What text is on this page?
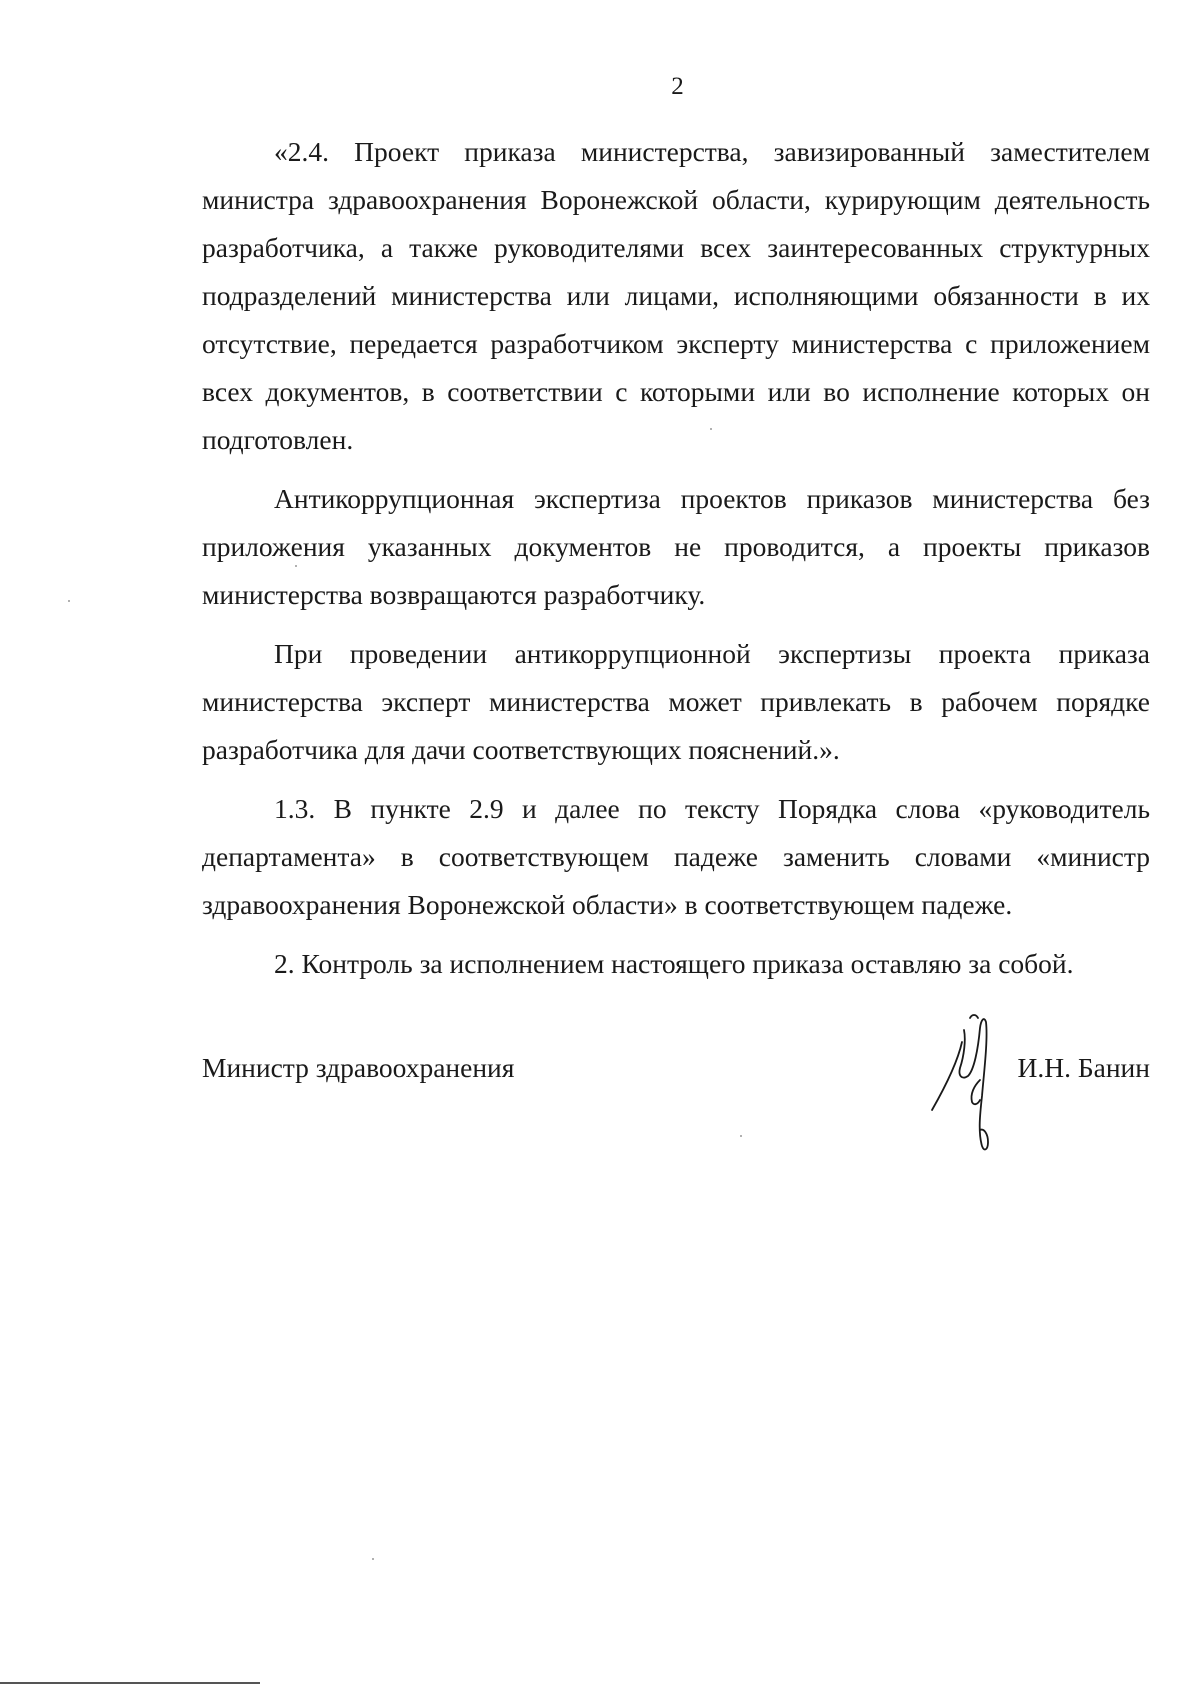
2

«2.4. Проект приказа министерства, завизированный заместителем министра здравоохранения Воронежской области, курирующим деятельность разработчика, а также руководителями всех заинтересованных структурных подразделений министерства или лицами, исполняющими обязанности в их отсутствие, передается разработчиком эксперту министерства с приложением всех документов, в соответствии с которыми или во исполнение которых он подготовлен.

Антикоррупционная экспертиза проектов приказов министерства без приложения указанных документов не проводится, а проекты приказов министерства возвращаются разработчику.

При проведении антикоррупционной экспертизы проекта приказа министерства эксперт министерства может привлекать в рабочем порядке разработчика для дачи соответствующих пояснений.».

1.3. В пункте 2.9 и далее по тексту Порядка слова «руководитель департамента» в соответствующем падеже заменить словами «министр здравоохранения Воронежской области» в соответствующем падеже.

2. Контроль за исполнением настоящего приказа оставляю за собой.

Министр здравоохранения	И.Н. Банин
